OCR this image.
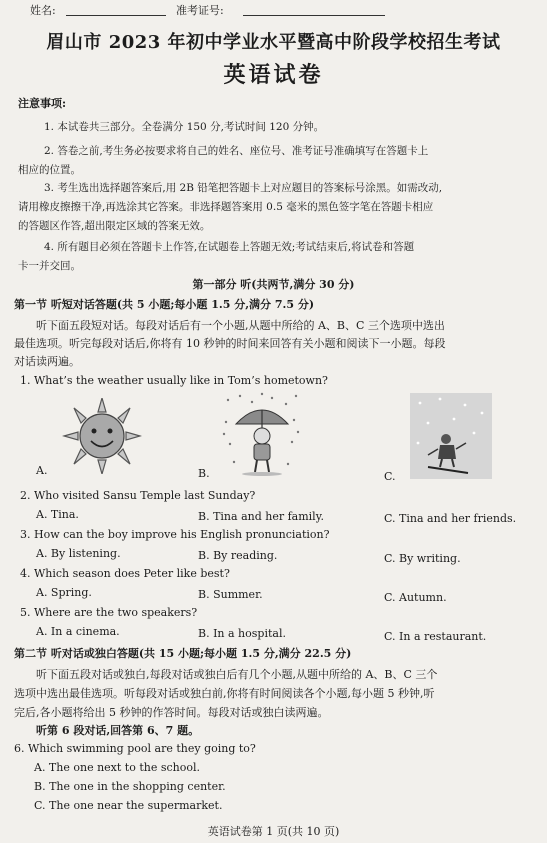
姓名:	准考证号:
眉山市 2023 年初中学业水平暨高中阶段学校招生考试
英语试卷
注意事项:
1. 本试卷共三部分。全卷满分 150 分,考试时间 120 分钟。
2. 答卷之前,考生务必按要求将自己的姓名、座位号、准考证号准确填写在答题卡上
相应的位置。
3. 考生选出选择题答案后,用 2B 铅笔把答题卡上对应题目的答案标号涂黑。如需改动,
请用橡皮擦擦干净,再选涂其它答案。非选择题答案用 0.5 毫米的黑色签字笔在答题卡相应
的答题区作答,超出限定区域的答案无效。
4. 所有题目必须在答题卡上作答,在试题卷上答题无效;考试结束后,将试卷和答题
卡一并交回。
第一部分 听(共两节,满分 30 分)
第一节 听短对话答题(共 5 小题;每小题 1.5 分,满分 7.5 分)
听下面五段短对话。每段对话后有一个小题,从题中所给的 A、B、C 三个选项中选出
最佳选项。听完每段对话后,你将有 10 秒钟的时间来回答有关小题和阅读下一小题。每段
对话读两遍。
1. What’s the weather usually like in Tom’s hometown?
A.	B.	C.
2. Who visited Sansu Temple last Sunday?
A. Tina.	B. Tina and her family.	C. Tina and her friends.
3. How can the boy improve his English pronunciation?
A. By listening.	B. By reading.	C. By writing.
4. Which season does Peter like best?
A. Spring.	B. Summer.	C. Autumn.
5. Where are the two speakers?
A. In a cinema.	B. In a hospital.	C. In a restaurant.
第二节 听对话或独白答题(共 15 小题;每小题 1.5 分,满分 22.5 分)
听下面五段对话或独白,每段对话或独白后有几个小题,从题中所给的 A、B、C 三个
选项中选出最佳选项。听每段对话或独白前,你将有时间阅读各个小题,每小题 5 秒钟,听
完后,各小题将给出 5 秒钟的作答时间。每段对话或独白读两遍。
听第 6 段对话,回答第 6、7 题。
6. Which swimming pool are they going to?
A. The one next to the school.
B. The one in the shopping center.
C. The one near the supermarket.
英语试卷第 1 页(共 10 页)
